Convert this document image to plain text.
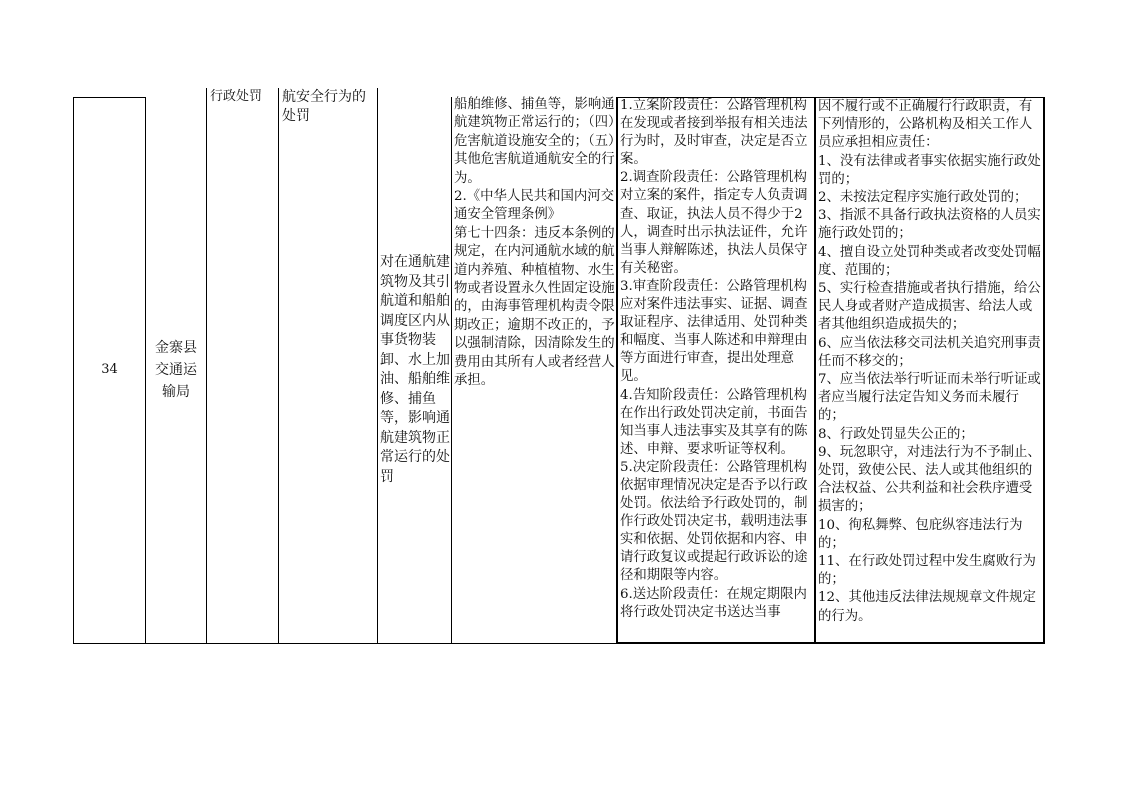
34
金寨县交通运输局
行政处罚	航安全行为的
处罚
对在通航建筑物及其引航道和船舶调度区内从事货物装卸、水上加油、船舶维修、捕鱼等，影响通航建筑物正常运行的处罚
船舶维修、捕鱼等，影响通航建筑物正常运行的；（四）危害航道设施安全的；（五）其他危害航道通航安全的行为。
2.《中华人民共和国内河交通安全管理条例》
第七十四条：违反本条例的规定，在内河通航水域的航道内养殖、种植植物、水生物或者设置永久性固定设施的，由海事管理机构责令限期改正；逾期不改正的，予以强制清除，因清除发生的费用由其所有人或者经营人承担。
1.立案阶段责任：公路管理机构在发现或者接到举报有相关违法行为时，及时审查，决定是否立案。
2.调查阶段责任：公路管理机构对立案的案件，指定专人负责调查、取证，执法人员不得少于2人，调查时出示执法证件，允许当事人辩解陈述，执法人员保守有关秘密。
3.审查阶段责任：公路管理机构应对案件违法事实、证据、调查取证程序、法律适用、处罚种类和幅度、当事人陈述和申辩理由等方面进行审查，提出处理意见。
4.告知阶段责任：公路管理机构在作出行政处罚决定前，书面告知当事人违法事实及其享有的陈述、申辩、要求听证等权利。
5.决定阶段责任：公路管理机构依据审理情况决定是否予以行政处罚。依法给予行政处罚的，制作行政处罚决定书，载明违法事实和依据、处罚依据和内容、申请行政复议或提起行政诉讼的途径和期限等内容。
6.送达阶段责任：在规定期限内将行政处罚决定书送达当事
因不履行或不正确履行行政职责，有下列情形的，公路机构及相关工作人员应承担相应责任：
1、没有法律或者事实依据实施行政处罚的；
2、未按法定程序实施行政处罚的；
3、指派不具备行政执法资格的人员实施行政处罚的；
4、擅自设立处罚种类或者改变处罚幅度、范围的；
5、实行检查措施或者执行措施，给公民人身或者财产造成损害、给法人或者其他组织造成损失的；
6、应当依法移交司法机关追究刑事责任而不移交的；
7、应当依法举行听证而未举行听证或者应当履行法定告知义务而未履行的；
8、行政处罚显失公正的；
9、玩忽职守，对违法行为不予制止、处罚，致使公民、法人或其他组织的合法权益、公共利益和社会秩序遭受损害的；
10、徇私舞弊、包庇纵容违法行为的；
11、在行政处罚过程中发生腐败行为的；
12、其他违反法律法规规章文件规定的行为。
